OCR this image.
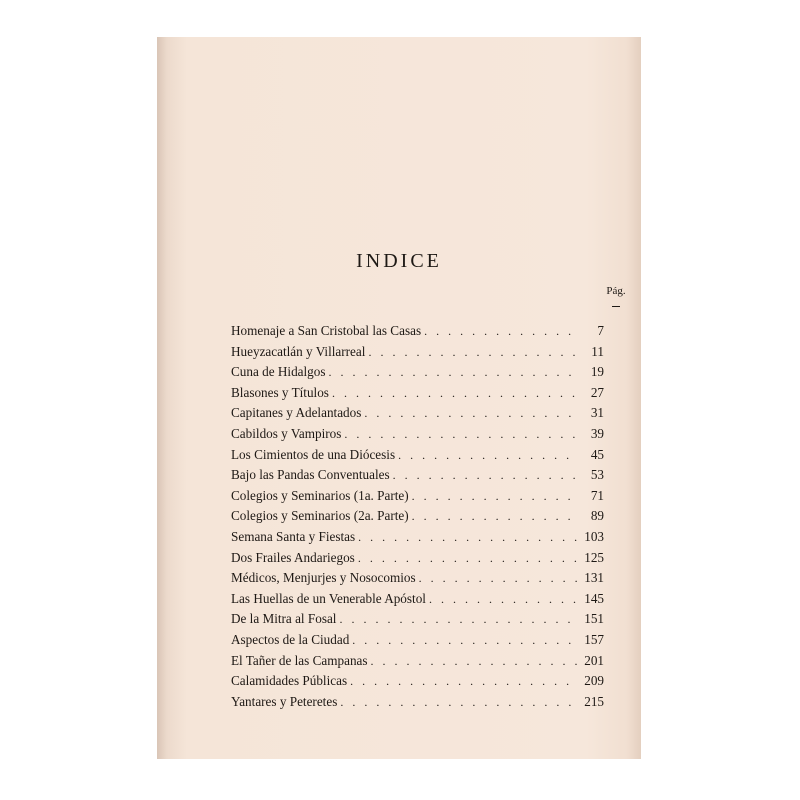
INDICE
Pág.
Homenaje a San Cristobal las Casas . . .	7
Hueyzacatlán y Villarreal . . .	11
Cuna de Hidalgos . . .	19
Blasones y Títulos . . .	27
Capitanes y Adelantados . . .	31
Cabildos y Vampiros . . .	39
Los Cimientos de una Diócesis . . .	45
Bajo las Pandas Conventuales . . .	53
Colegios y Seminarios (1a. Parte) . . .	71
Colegios y Seminarios (2a. Parte) . . .	89
Semana Santa y Fiestas . . .	103
Dos Frailes Andariegos . . .	125
Médicos, Menjurjes y Nosocomios . . .	131
Las Huellas de un Venerable Apóstol . . .	145
De la Mitra al Fosal . . .	151
Aspectos de la Ciudad . . .	157
El Tañer de las Campanas . . .	201
Calamidades Públicas . . .	209
Yantares y Peteretes . . .	215
